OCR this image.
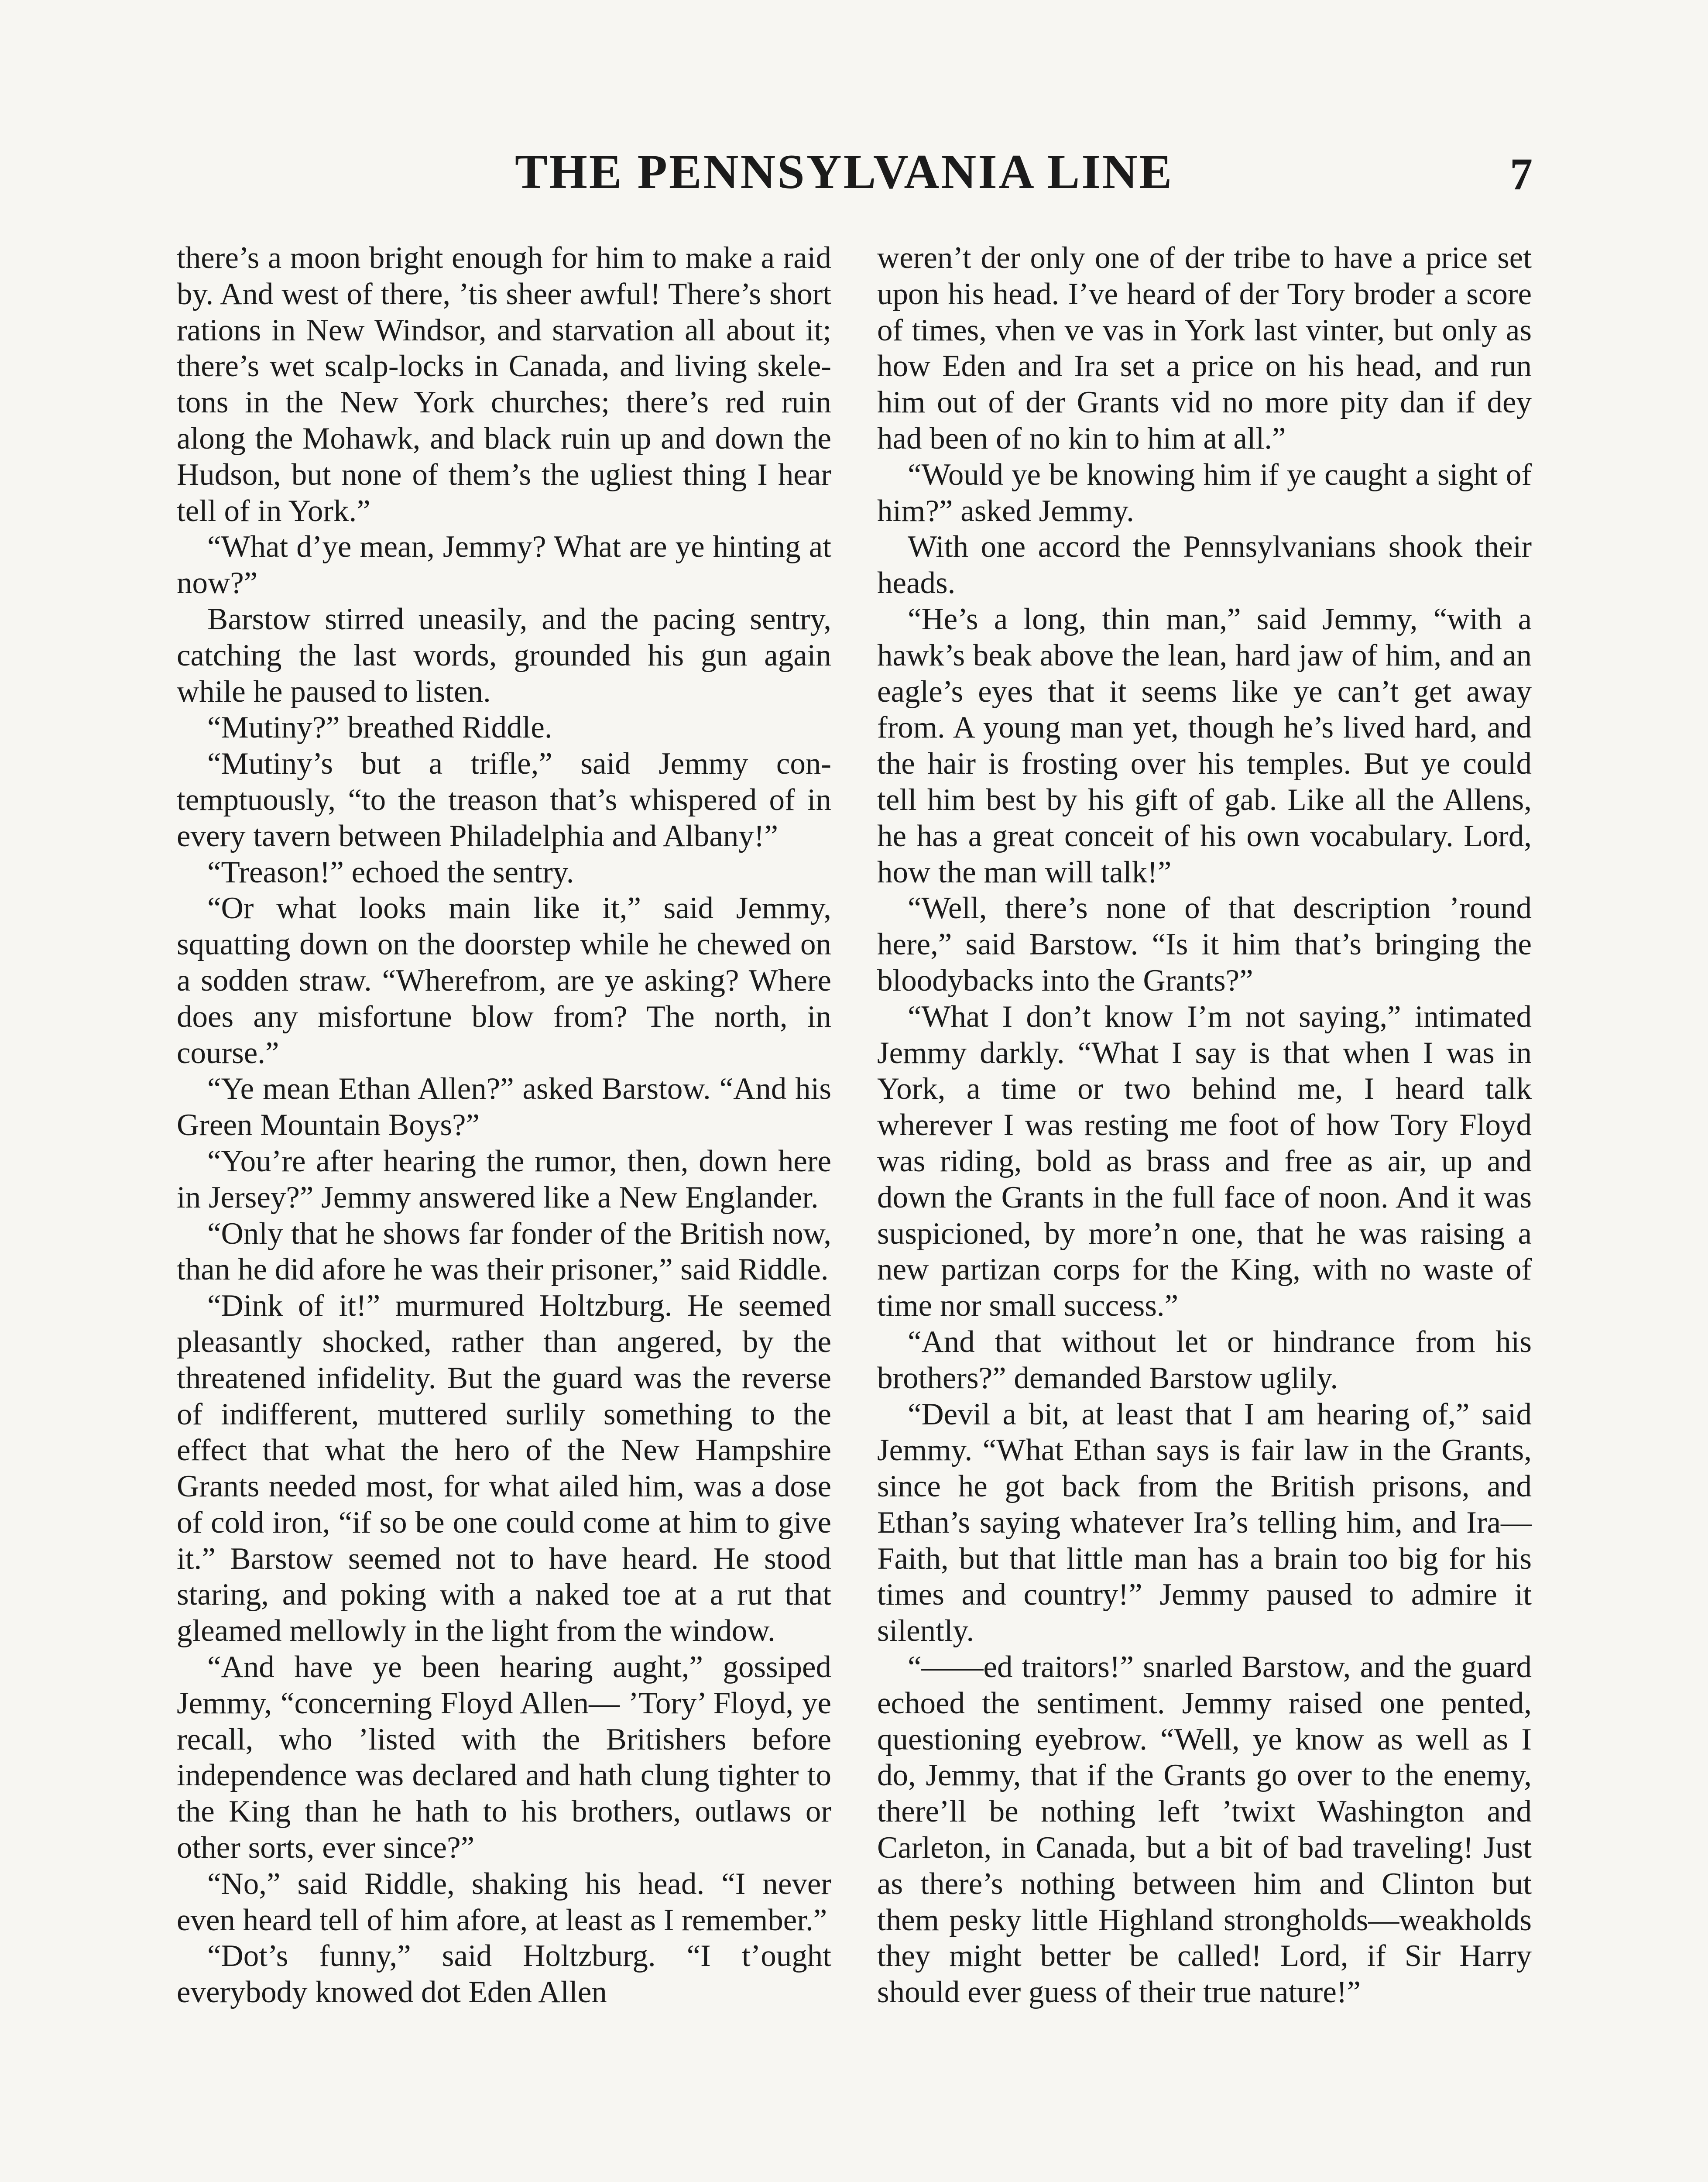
THE PENNSYLVANIA LINE	7

there’s a moon bright enough for him to make a raid by. And west of there, ’tis sheer awful! There’s short rations in New Windsor, and starvation all about it; there’s wet scalp-locks in Canada, and living skeletons in the New York churches; there’s red ruin along the Mohawk, and black ruin up and down the Hudson, but none of them’s the ugliest thing I hear tell of in York.”

“What d’ye mean, Jemmy? What are ye hinting at now?”

Barstow stirred uneasily, and the pacing sentry, catching the last words, grounded his gun again while he paused to listen.

“Mutiny?” breathed Riddle.

“Mutiny’s but a trifle,” said Jemmy contemptuously, “to the treason that’s whispered of in every tavern between Philadelphia and Albany!”

“Treason!” echoed the sentry.

“Or what looks main like it,” said Jemmy, squatting down on the doorstep while he chewed on a sodden straw. “Wherefrom, are ye asking? Where does any misfortune blow from? The north, in course.”

“Ye mean Ethan Allen?” asked Barstow. “And his Green Mountain Boys?”

“You’re after hearing the rumor, then, down here in Jersey?” Jemmy answered like a New Englander.

“Only that he shows far fonder of the British now, than he did afore he was their prisoner,” said Riddle.

“Dink of it!” murmured Holtzburg. He seemed pleasantly shocked, rather than angered, by the threatened infidelity. But the guard was the reverse of indifferent, muttered surlily something to the effect that what the hero of the New Hampshire Grants needed most, for what ailed him, was a dose of cold iron, “if so be one could come at him to give it.” Barstow seemed not to have heard. He stood staring, and poking with a naked toe at a rut that gleamed mellowly in the light from the window.

“And have ye been hearing aught,” gossiped Jemmy, “concerning Floyd Allen— ’Tory’ Floyd, ye recall, who ’listed with the Britishers before independence was declared and hath clung tighter to the King than he hath to his brothers, outlaws or other sorts, ever since?”

“No,” said Riddle, shaking his head. “I never even heard tell of him afore, at least as I remember.”

“Dot’s funny,” said Holtzburg. “I t’ought everybody knowed dot Eden Allen

weren’t der only one of der tribe to have a price set upon his head. I’ve heard of der Tory broder a score of times, vhen ve vas in York last vinter, but only as how Eden and Ira set a price on his head, and run him out of der Grants vid no more pity dan if dey had been of no kin to him at all.”

“Would ye be knowing him if ye caught a sight of him?” asked Jemmy.

With one accord the Pennsylvanians shook their heads.

“He’s a long, thin man,” said Jemmy, “with a hawk’s beak above the lean, hard jaw of him, and an eagle’s eyes that it seems like ye can’t get away from. A young man yet, though he’s lived hard, and the hair is frosting over his temples. But ye could tell him best by his gift of gab. Like all the Allens, he has a great conceit of his own vocabulary. Lord, how the man will talk!”

“Well, there’s none of that description ’round here,” said Barstow. “Is it him that’s bringing the bloodybacks into the Grants?”

“What I don’t know I’m not saying,” intimated Jemmy darkly. “What I say is that when I was in York, a time or two behind me, I heard talk wherever I was resting me foot of how Tory Floyd was riding, bold as brass and free as air, up and down the Grants in the full face of noon. And it was suspicioned, by more’n one, that he was raising a new partizan corps for the King, with no waste of time nor small success.”

“And that without let or hindrance from his brothers?” demanded Barstow uglily.

“Devil a bit, at least that I am hearing of,” said Jemmy. “What Ethan says is fair law in the Grants, since he got back from the British prisons, and Ethan’s saying whatever Ira’s telling him, and Ira— Faith, but that little man has a brain too big for his times and country!” Jemmy paused to admire it silently.

“——ed traitors!” snarled Barstow, and the guard echoed the sentiment. Jemmy raised one pented, questioning eyebrow. “Well, ye know as well as I do, Jemmy, that if the Grants go over to the enemy, there’ll be nothing left ’twixt Washington and Carleton, in Canada, but a bit of bad traveling! Just as there’s nothing between him and Clinton but them pesky little Highland strongholds—weakholds they might better be called! Lord, if Sir Harry should ever guess of their true nature!”
